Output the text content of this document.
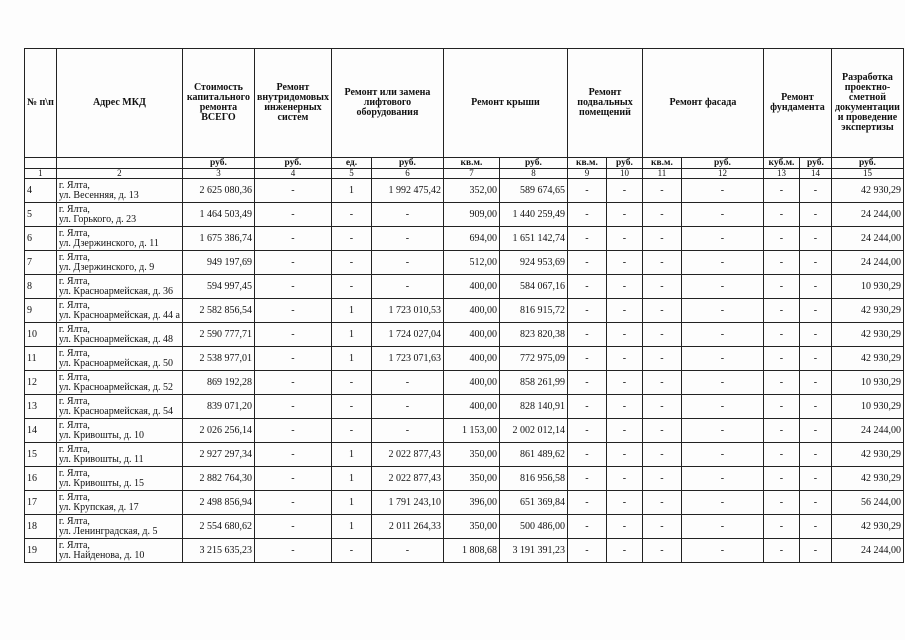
№ п\п	Адрес МКД	Стоимость капитального ремонта ВСЕГО	Ремонт внутридомовых инженерных систем	Ремонт или замена лифтового оборудования		Ремонт крыши		Ремонт подвальных помещений		Ремонт фасада		Ремонт фундамента		Разработка проектно-сметной документации и проведение экспертизы
		руб.	руб.	ед.	руб.	кв.м.	руб.	кв.м.	руб.	кв.м.	руб.	куб.м.	руб.	руб.
1	2	3	4	5	6	7	8	9	10	11	12	13	14	15
4	г. Ялта,
ул. Весенняя, д. 13	2 625 080,36	-	1	1 992 475,42	352,00	589 674,65	-	-	-	-	-	-	42 930,29
5	г. Ялта,
ул. Горького, д. 23	1 464 503,49	-	-	-	909,00	1 440 259,49	-	-	-	-	-	-	24 244,00
6	г. Ялта,
ул. Дзержинского, д. 11	1 675 386,74	-	-	-	694,00	1 651 142,74	-	-	-	-	-	-	24 244,00
7	г. Ялта,
ул. Дзержинского, д. 9	949 197,69	-	-	-	512,00	924 953,69	-	-	-	-	-	-	24 244,00
8	г. Ялта,
ул. Красноармейская, д. 36	594 997,45	-	-	-	400,00	584 067,16	-	-	-	-	-	-	10 930,29
9	г. Ялта,
ул. Красноармейская, д. 44 а	2 582 856,54	-	1	1 723 010,53	400,00	816 915,72	-	-	-	-	-	-	42 930,29
10	г. Ялта,
ул. Красноармейская, д. 48	2 590 777,71	-	1	1 724 027,04	400,00	823 820,38	-	-	-	-	-	-	42 930,29
11	г. Ялта,
ул. Красноармейская, д. 50	2 538 977,01	-	1	1 723 071,63	400,00	772 975,09	-	-	-	-	-	-	42 930,29
12	г. Ялта,
ул. Красноармейская, д. 52	869 192,28	-	-	-	400,00	858 261,99	-	-	-	-	-	-	10 930,29
13	г. Ялта,
ул. Красноармейская, д. 54	839 071,20	-	-	-	400,00	828 140,91	-	-	-	-	-	-	10 930,29
14	г. Ялта,
ул. Кривошты, д. 10	2 026 256,14	-	-	-	1 153,00	2 002 012,14	-	-	-	-	-	-	24 244,00
15	г. Ялта,
ул. Кривошты, д. 11	2 927 297,34	-	1	2 022 877,43	350,00	861 489,62	-	-	-	-	-	-	42 930,29
16	г. Ялта,
ул. Кривошты, д. 15	2 882 764,30	-	1	2 022 877,43	350,00	816 956,58	-	-	-	-	-	-	42 930,29
17	г. Ялта,
ул. Крупская, д. 17	2 498 856,94	-	1	1 791 243,10	396,00	651 369,84	-	-	-	-	-	-	56 244,00
18	г. Ялта,
ул. Ленинградская, д. 5	2 554 680,62	-	1	2 011 264,33	350,00	500 486,00	-	-	-	-	-	-	42 930,29
19	г. Ялта,
ул. Найденова, д. 10	3 215 635,23	-	-	-	1 808,68	3 191 391,23	-	-	-	-	-	-	24 244,00
